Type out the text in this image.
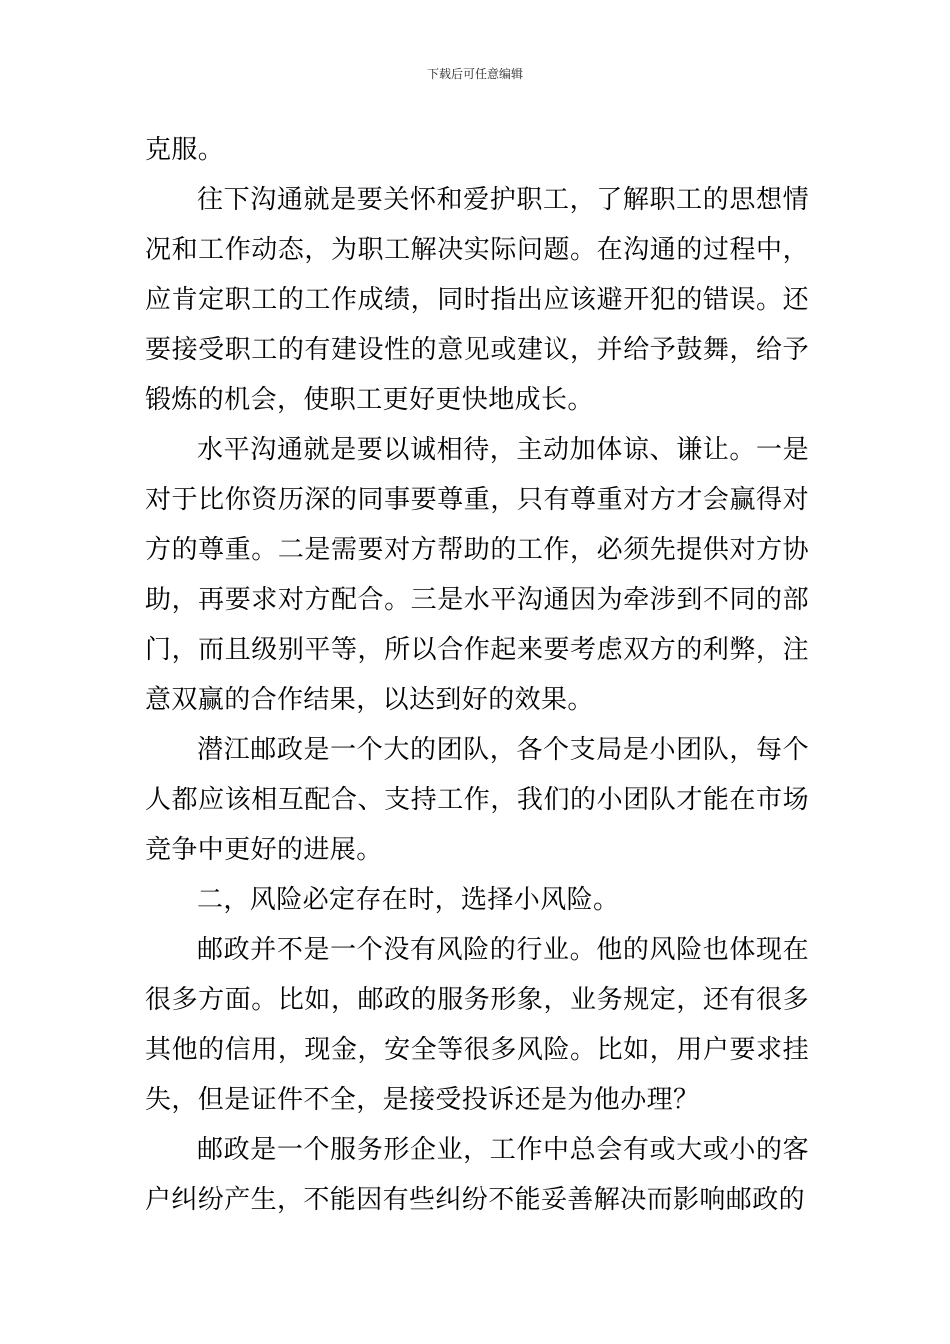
下载后可任意编辑

克服。

往下沟通就是要关怀和爱护职工，了解职工的思想情况和工作动态，为职工解决实际问题。在沟通的过程中，应肯定职工的工作成绩，同时指出应该避开犯的错误。还要接受职工的有建设性的意见或建议，并给予鼓舞，给予锻炼的机会，使职工更好更快地成长。

水平沟通就是要以诚相待，主动加体谅、谦让。一是对于比你资历深的同事要尊重，只有尊重对方才会赢得对方的尊重。二是需要对方帮助的工作，必须先提供对方协助，再要求对方配合。三是水平沟通因为牵涉到不同的部门，而且级别平等，所以合作起来要考虑双方的利弊，注意双赢的合作结果，以达到好的效果。

潜江邮政是一个大的团队，各个支局是小团队，每个人都应该相互配合、支持工作，我们的小团队才能在市场竞争中更好的进展。

二，风险必定存在时，选择小风险。

邮政并不是一个没有风险的行业。他的风险也体现在很多方面。比如，邮政的服务形象，业务规定，还有很多其他的信用，现金，安全等很多风险。比如，用户要求挂失，但是证件不全，是接受投诉还是为他办理？

邮政是一个服务形企业，工作中总会有或大或小的客户纠纷产生，不能因有些纠纷不能妥善解决而影响邮政的
